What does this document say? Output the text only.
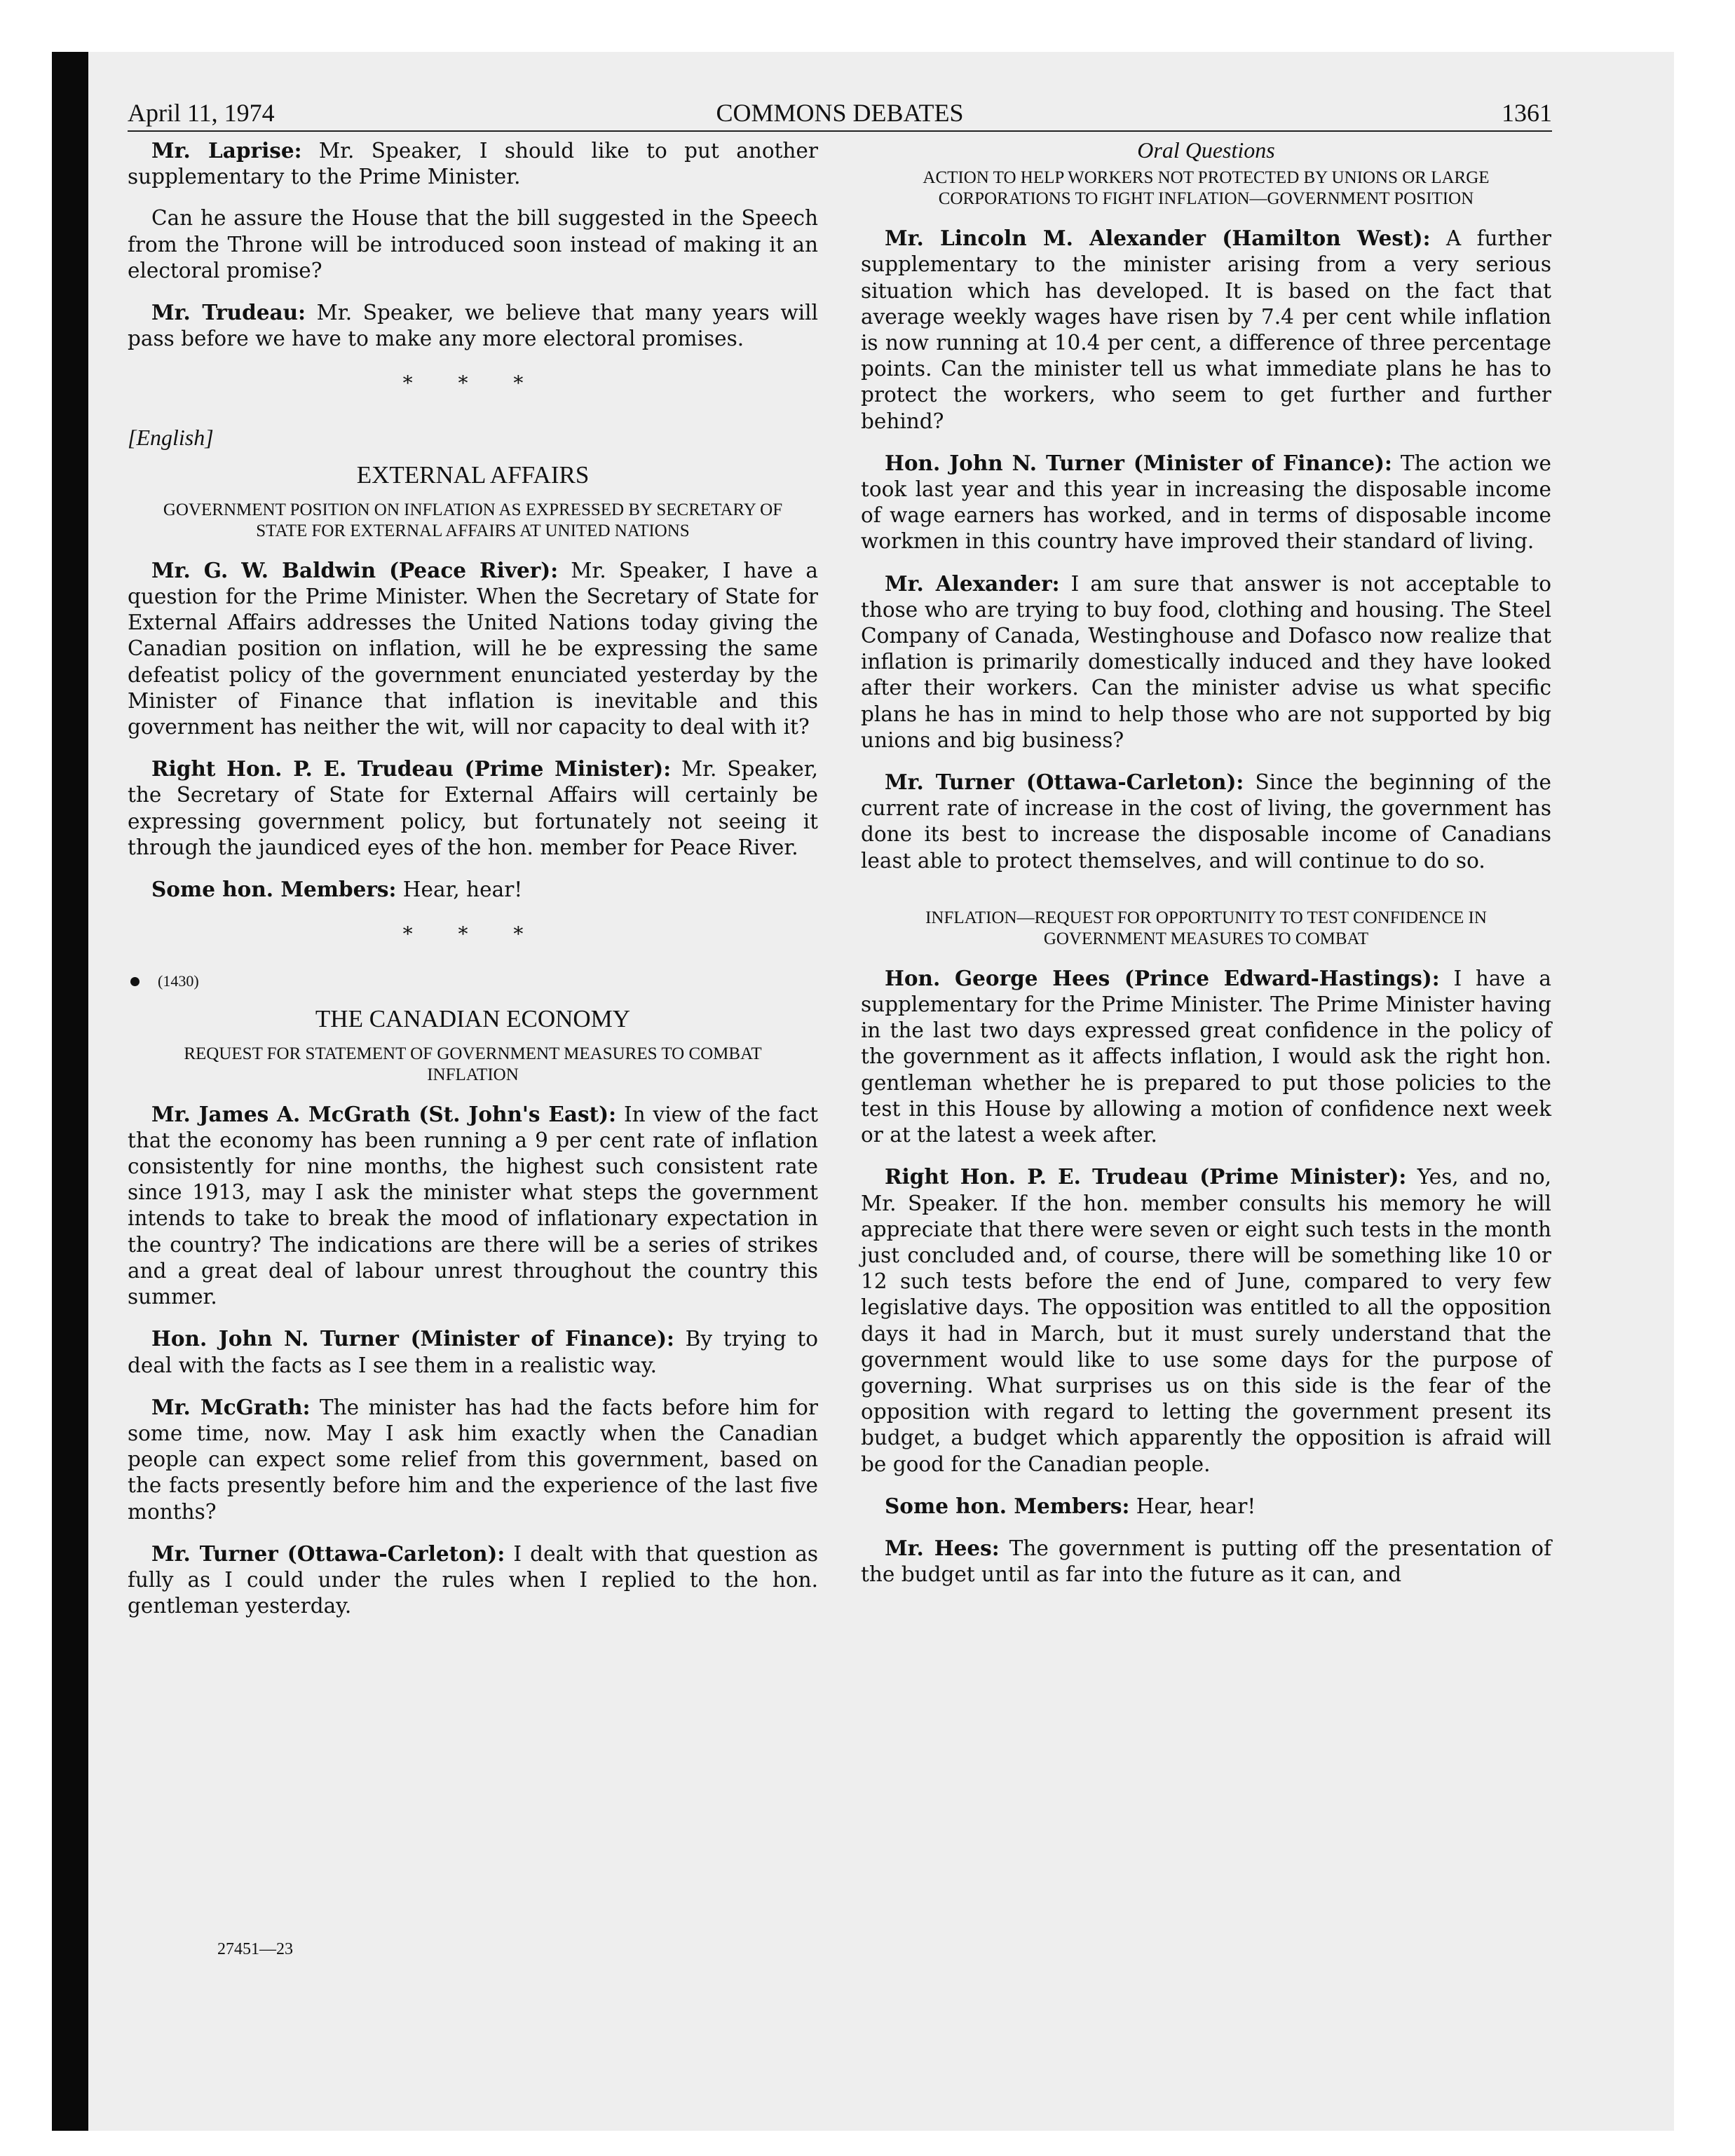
April 11, 1974	COMMONS DEBATES	1361

Mr. Laprise: Mr. Speaker, I should like to put another supplementary to the Prime Minister.

Can he assure the House that the bill suggested in the Speech from the Throne will be introduced soon instead of making it an electoral promise?

Mr. Trudeau: Mr. Speaker, we believe that many years will pass before we have to make any more electoral promises.

* * *
[English]
EXTERNAL AFFAIRS
GOVERNMENT POSITION ON INFLATION AS EXPRESSED BY SECRETARY OF STATE FOR EXTERNAL AFFAIRS AT UNITED NATIONS

Mr. G. W. Baldwin (Peace River): Mr. Speaker, I have a question for the Prime Minister. When the Secretary of State for External Affairs addresses the United Nations today giving the Canadian position on inflation, will he be expressing the same defeatist policy of the government enunciated yesterday by the Minister of Finance that inflation is inevitable and this government has neither the wit, will nor capacity to deal with it?

Right Hon. P. E. Trudeau (Prime Minister): Mr. Speaker, the Secretary of State for External Affairs will certainly be expressing government policy, but fortunately not seeing it through the jaundiced eyes of the hon. member for Peace River.

Some hon. Members: Hear, hear!

* * *
(1430)
THE CANADIAN ECONOMY
REQUEST FOR STATEMENT OF GOVERNMENT MEASURES TO COMBAT INFLATION

Mr. James A. McGrath (St. John's East): In view of the fact that the economy has been running a 9 per cent rate of inflation consistently for nine months, the highest such consistent rate since 1913, may I ask the minister what steps the government intends to take to break the mood of inflationary expectation in the country? The indications are there will be a series of strikes and a great deal of labour unrest throughout the country this summer.

Hon. John N. Turner (Minister of Finance): By trying to deal with the facts as I see them in a realistic way.

Mr. McGrath: The minister has had the facts before him for some time, now. May I ask him exactly when the Canadian people can expect some relief from this government, based on the facts presently before him and the experience of the last five months?

Mr. Turner (Ottawa-Carleton): I dealt with that question as fully as I could under the rules when I replied to the hon. gentleman yesterday.

Oral Questions
ACTION TO HELP WORKERS NOT PROTECTED BY UNIONS OR LARGE CORPORATIONS TO FIGHT INFLATION—GOVERNMENT POSITION

Mr. Lincoln M. Alexander (Hamilton West): A further supplementary to the minister arising from a very serious situation which has developed. It is based on the fact that average weekly wages have risen by 7.4 per cent while inflation is now running at 10.4 per cent, a difference of three percentage points. Can the minister tell us what immediate plans he has to protect the workers, who seem to get further and further behind?

Hon. John N. Turner (Minister of Finance): The action we took last year and this year in increasing the disposable income of wage earners has worked, and in terms of disposable income workmen in this country have improved their standard of living.

Mr. Alexander: I am sure that answer is not acceptable to those who are trying to buy food, clothing and housing. The Steel Company of Canada, Westinghouse and Dofasco now realize that inflation is primarily domestically induced and they have looked after their workers. Can the minister advise us what specific plans he has in mind to help those who are not supported by big unions and big business?

Mr. Turner (Ottawa-Carleton): Since the beginning of the current rate of increase in the cost of living, the government has done its best to increase the disposable income of Canadians least able to protect themselves, and will continue to do so.

INFLATION—REQUEST FOR OPPORTUNITY TO TEST CONFIDENCE IN GOVERNMENT MEASURES TO COMBAT

Hon. George Hees (Prince Edward-Hastings): I have a supplementary for the Prime Minister. The Prime Minister having in the last two days expressed great confidence in the policy of the government as it affects inflation, I would ask the right hon. gentleman whether he is prepared to put those policies to the test in this House by allowing a motion of confidence next week or at the latest a week after.

Right Hon. P. E. Trudeau (Prime Minister): Yes, and no, Mr. Speaker. If the hon. member consults his memory he will appreciate that there were seven or eight such tests in the month just concluded and, of course, there will be something like 10 or 12 such tests before the end of June, compared to very few legislative days. The opposition was entitled to all the opposition days it had in March, but it must surely understand that the government would like to use some days for the purpose of governing. What surprises us on this side is the fear of the opposition with regard to letting the government present its budget, a budget which apparently the opposition is afraid will be good for the Canadian people.

Some hon. Members: Hear, hear!

Mr. Hees: The government is putting off the presentation of the budget until as far into the future as it can, and

27451—23
